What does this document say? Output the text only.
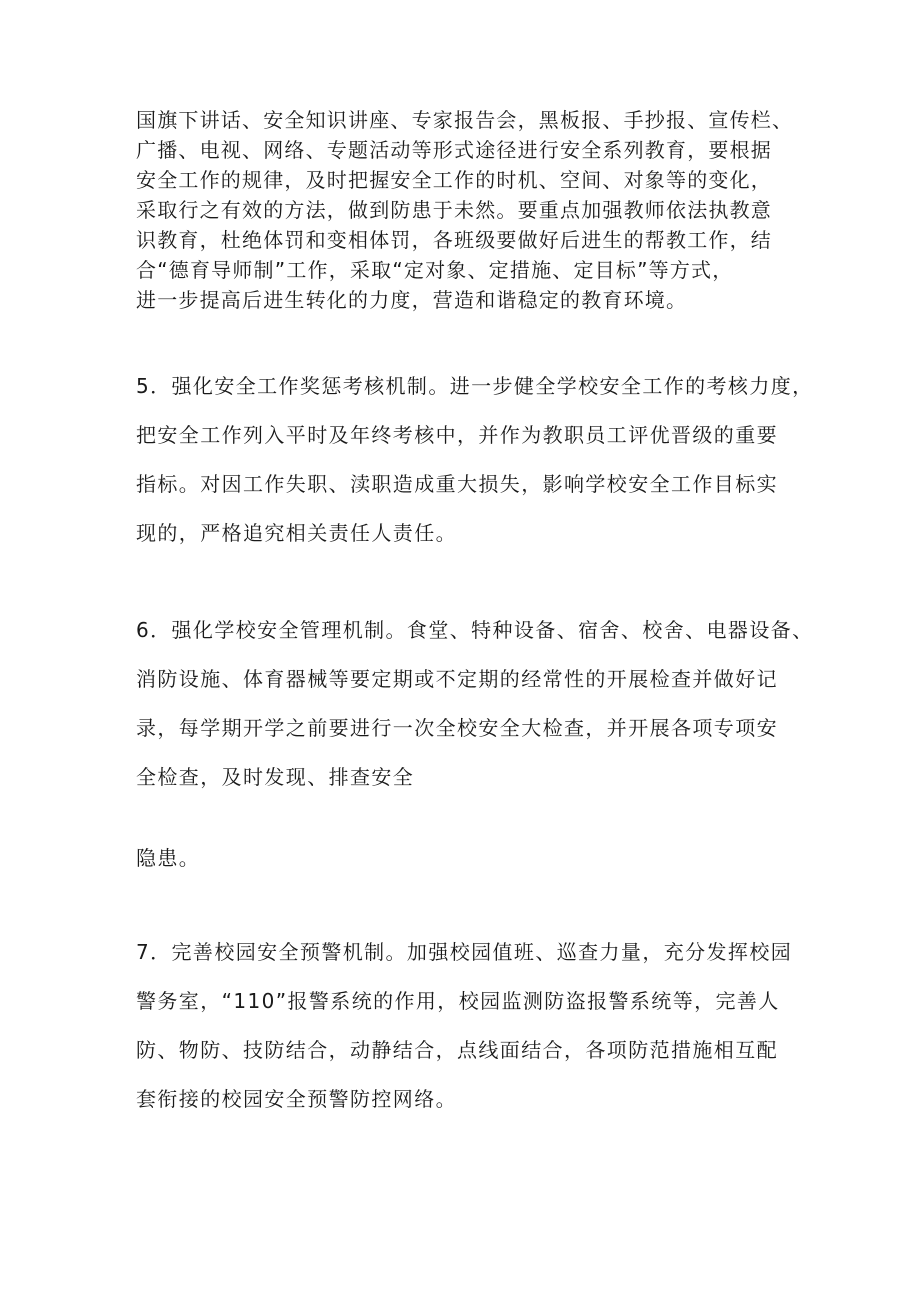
国旗下讲话、安全知识讲座、专家报告会，黑板报、手抄报、宣传栏、
广播、电视、网络、专题活动等形式途径进行安全系列教育，要根据
安全工作的规律，及时把握安全工作的时机、空间、对象等的变化，
采取行之有效的方法，做到防患于未然。要重点加强教师依法执教意
识教育，杜绝体罚和变相体罚，各班级要做好后进生的帮教工作，结
合“德育导师制”工作，采取“定对象、定措施、定目标”等方式，
进一步提高后进生转化的力度，营造和谐稳定的教育环境。
5．强化安全工作奖惩考核机制。进一步健全学校安全工作的考核力度，
把安全工作列入平时及年终考核中，并作为教职员工评优晋级的重要
指标。对因工作失职、渎职造成重大损失，影响学校安全工作目标实
现的，严格追究相关责任人责任。
6．强化学校安全管理机制。食堂、特种设备、宿舍、校舍、电器设备、
消防设施、体育器械等要定期或不定期的经常性的开展检查并做好记
录，每学期开学之前要进行一次全校安全大检查，并开展各项专项安
全检查，及时发现、排查安全
隐患。
7．完善校园安全预警机制。加强校园值班、巡查力量，充分发挥校园
警务室，“110”报警系统的作用，校园监测防盗报警系统等，完善人
防、物防、技防结合，动静结合，点线面结合，各项防范措施相互配
套衔接的校园安全预警防控网络。
